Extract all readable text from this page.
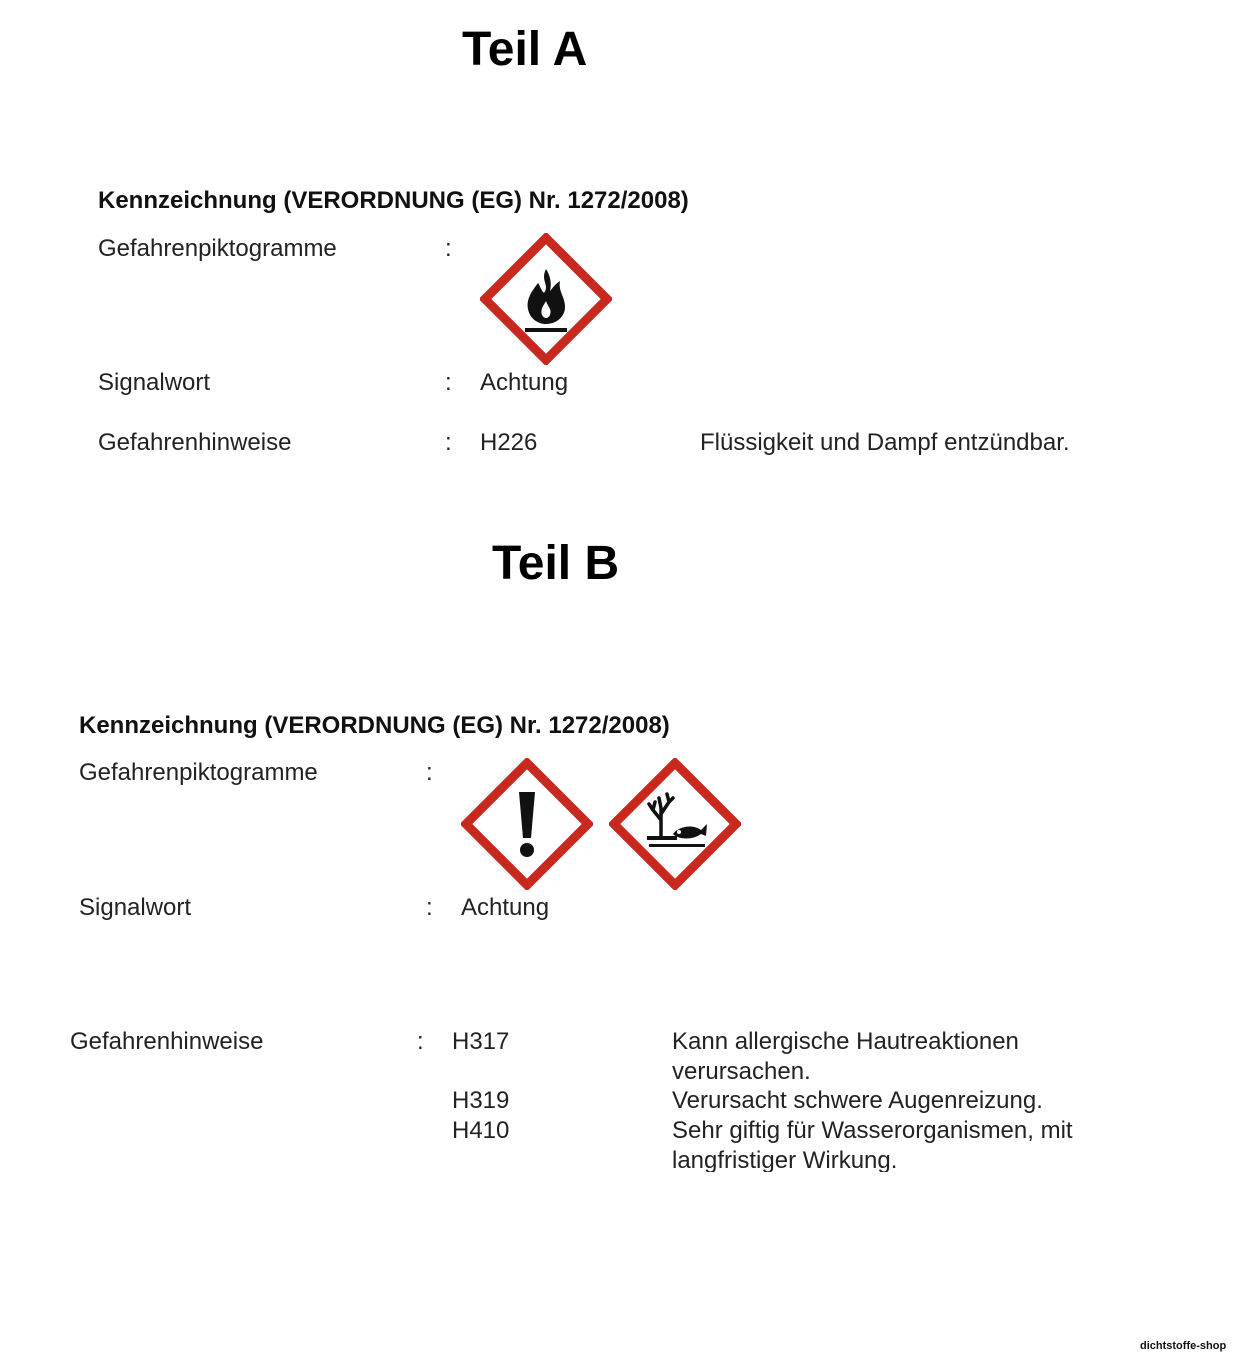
Teil A
Kennzeichnung (VERORDNUNG (EG) Nr. 1272/2008)
Gefahrenpiktogramme	:
Signalwort	: Achtung
Gefahrenhinweise	: H226	Flüssigkeit und Dampf entzündbar.
Teil B
Kennzeichnung (VERORDNUNG (EG) Nr. 1272/2008)
Gefahrenpiktogramme	:
Signalwort	: Achtung
Gefahrenhinweise	: H317	Kann allergische Hautreaktionen verursachen.
H319	Verursacht schwere Augenreizung.
H410	Sehr giftig für Wasserorganismen, mit langfristiger Wirkung.
dichtstoffe-shop
